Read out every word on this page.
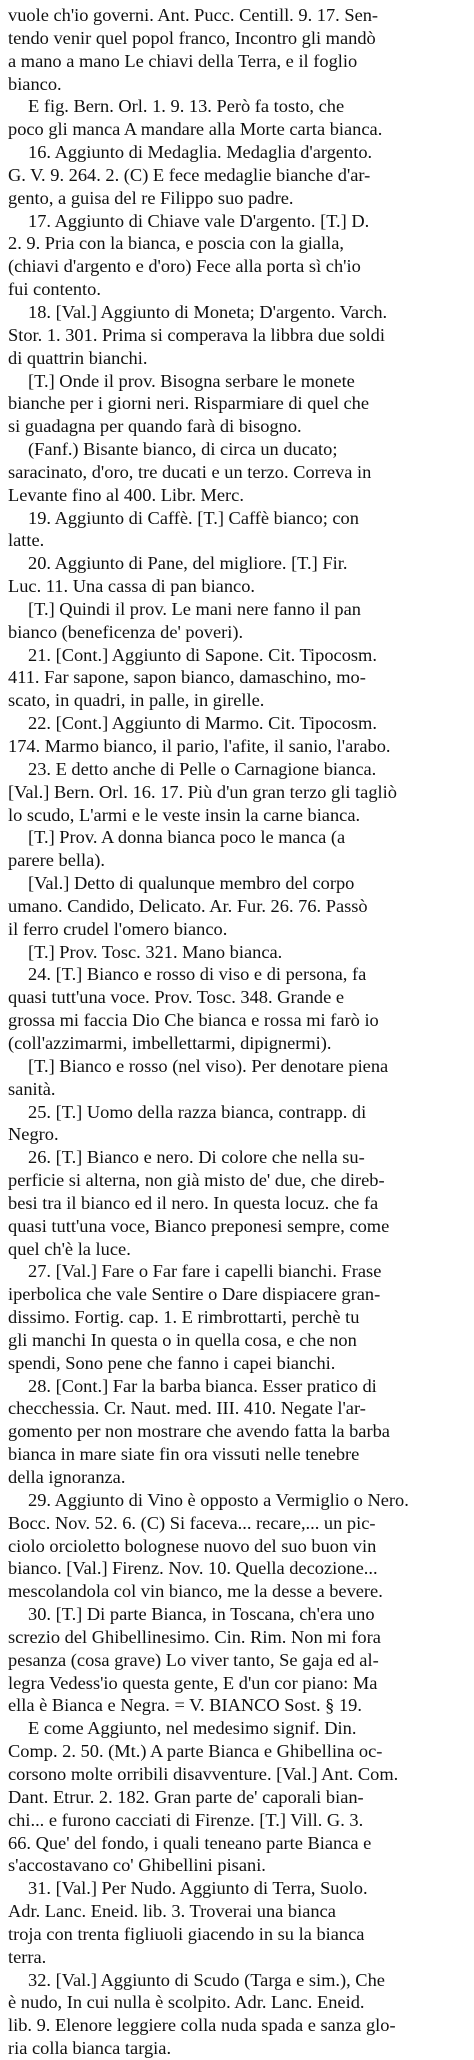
vuole ch'io governi. Ant. Pucc. Centill. 9. 17. Sen-
tendo venir quel popol franco, Incontro gli mandò
a mano a mano Le chiavi della Terra, e il foglio
bianco.
E fig. Bern. Orl. 1. 9. 13. Però fa tosto, che
poco gli manca A mandare alla Morte carta bianca.
16. Aggiunto di Medaglia. Medaglia d'argento.
G. V. 9. 264. 2. (C) E fece medaglie bianche d'ar-
gento, a guisa del re Filippo suo padre.
17. Aggiunto di Chiave vale D'argento. [T.] D.
2. 9. Pria con la bianca, e poscia con la gialla,
(chiavi d'argento e d'oro) Fece alla porta sì ch'io
fui contento.
18. [Val.] Aggiunto di Moneta; D'argento. Varch.
Stor. 1. 301. Prima si comperava la libbra due soldi
di quattrin bianchi.
[T.] Onde il prov. Bisogna serbare le monete
bianche per i giorni neri. Risparmiare di quel che
si guadagna per quando farà di bisogno.
(Fanf.) Bisante bianco, di circa un ducato;
saracinato, d'oro, tre ducati e un terzo. Correva in
Levante fino al 400. Libr. Merc.
19. Aggiunto di Caffè. [T.] Caffè bianco; con
latte.
20. Aggiunto di Pane, del migliore. [T.] Fir.
Luc. 11. Una cassa di pan bianco.
[T.] Quindi il prov. Le mani nere fanno il pan
bianco (beneficenza de' poveri).
21. [Cont.] Aggiunto di Sapone. Cit. Tipocosm.
411. Far sapone, sapon bianco, damaschino, mo-
scato, in quadri, in palle, in girelle.
22. [Cont.] Aggiunto di Marmo. Cit. Tipocosm.
174. Marmo bianco, il pario, l'afite, il sanio, l'arabo.
23. E detto anche di Pelle o Carnagione bianca.
[Val.] Bern. Orl. 16. 17. Più d'un gran terzo gli tagliò
lo scudo, L'armi e le veste insin la carne bianca.
[T.] Prov. A donna bianca poco le manca (a
parere bella).
[Val.] Detto di qualunque membro del corpo
umano. Candido, Delicato. Ar. Fur. 26. 76. Passò
il ferro crudel l'omero bianco.
[T.] Prov. Tosc. 321. Mano bianca.
24. [T.] Bianco e rosso di viso e di persona, fa
quasi tutt'una voce. Prov. Tosc. 348. Grande e
grossa mi faccia Dio Che bianca e rossa mi farò io
(coll'azzimarmi, imbellettarmi, dipignermi).
[T.] Bianco e rosso (nel viso). Per denotare piena
sanità.
25. [T.] Uomo della razza bianca, contrapp. di
Negro.
26. [T.] Bianco e nero. Di colore che nella su-
perficie si alterna, non già misto de' due, che direb-
besi tra il bianco ed il nero. In questa locuz. che fa
quasi tutt'una voce, Bianco preponesi sempre, come
quel ch'è la luce.
27. [Val.] Fare o Far fare i capelli bianchi. Frase
iperbolica che vale Sentire o Dare dispiacere gran-
dissimo. Fortig. cap. 1. E rimbrottarti, perchè tu
gli manchi In questa o in quella cosa, e che non
spendi, Sono pene che fanno i capei bianchi.
28. [Cont.] Far la barba bianca. Esser pratico di
checchessia. Cr. Naut. med. III. 410. Negate l'ar-
gomento per non mostrare che avendo fatta la barba
bianca in mare siate fin ora vissuti nelle tenebre
della ignoranza.
29. Aggiunto di Vino è opposto a Vermiglio o Nero.
Bocc. Nov. 52. 6. (C) Si faceva... recare,... un pic-
ciolo orcioletto bolognese nuovo del suo buon vin
bianco. [Val.] Firenz. Nov. 10. Quella decozione...
mescolandola col vin bianco, me la desse a bevere.
30. [T.] Di parte Bianca, in Toscana, ch'era uno
screzio del Ghibellinesimo. Cin. Rim. Non mi fora
pesanza (cosa grave) Lo viver tanto, Se gaja ed al-
legra Vedess'io questa gente, E d'un cor piano: Ma
ella è Bianca e Negra. = V. BIANCO Sost. § 19.
E come Aggiunto, nel medesimo signif. Din.
Comp. 2. 50. (Mt.) A parte Bianca e Ghibellina oc-
corsono molte orribili disavventure. [Val.] Ant. Com.
Dant. Etrur. 2. 182. Gran parte de' caporali bian-
chi... e furono cacciati di Firenze. [T.] Vill. G. 3.
66. Que' del fondo, i quali teneano parte Bianca e
s'accostavano co' Ghibellini pisani.
31. [Val.] Per Nudo. Aggiunto di Terra, Suolo.
Adr. Lanc. Eneid. lib. 3. Troverai una bianca
troja con trenta figliuoli giacendo in su la bianca
terra.
32. [Val.] Aggiunto di Scudo (Targa e sim.), Che
è nudo, In cui nulla è scolpito. Adr. Lanc. Eneid.
lib. 9. Elenore leggiere colla nuda spada e sanza glo-
ria colla bianca targia.
